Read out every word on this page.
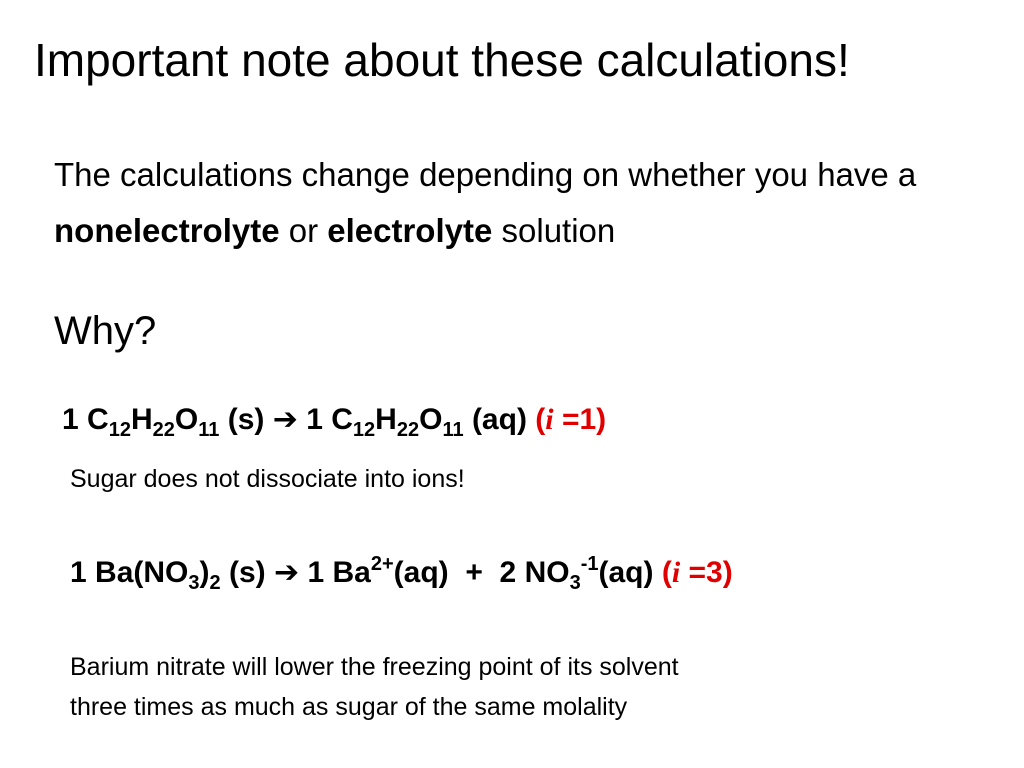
Important note about these calculations!
The calculations change depending on whether you have a nonelectrolyte or electrolyte solution
Why?
1 $C_{12}H_{22}O_{11}$ (s) ➔ 1 $C_{12}H_{22}O_{11}$ (aq) (i =1)
Sugar does not dissociate into ions!
1 $Ba(NO_3)_2$ (s) ➔ 1 $Ba^{2+}(aq) + 2$ $NO_3^{-1}(aq)$ (i =3)
Barium nitrate will lower the freezing point of its solvent
three times as much as sugar of the same molality
